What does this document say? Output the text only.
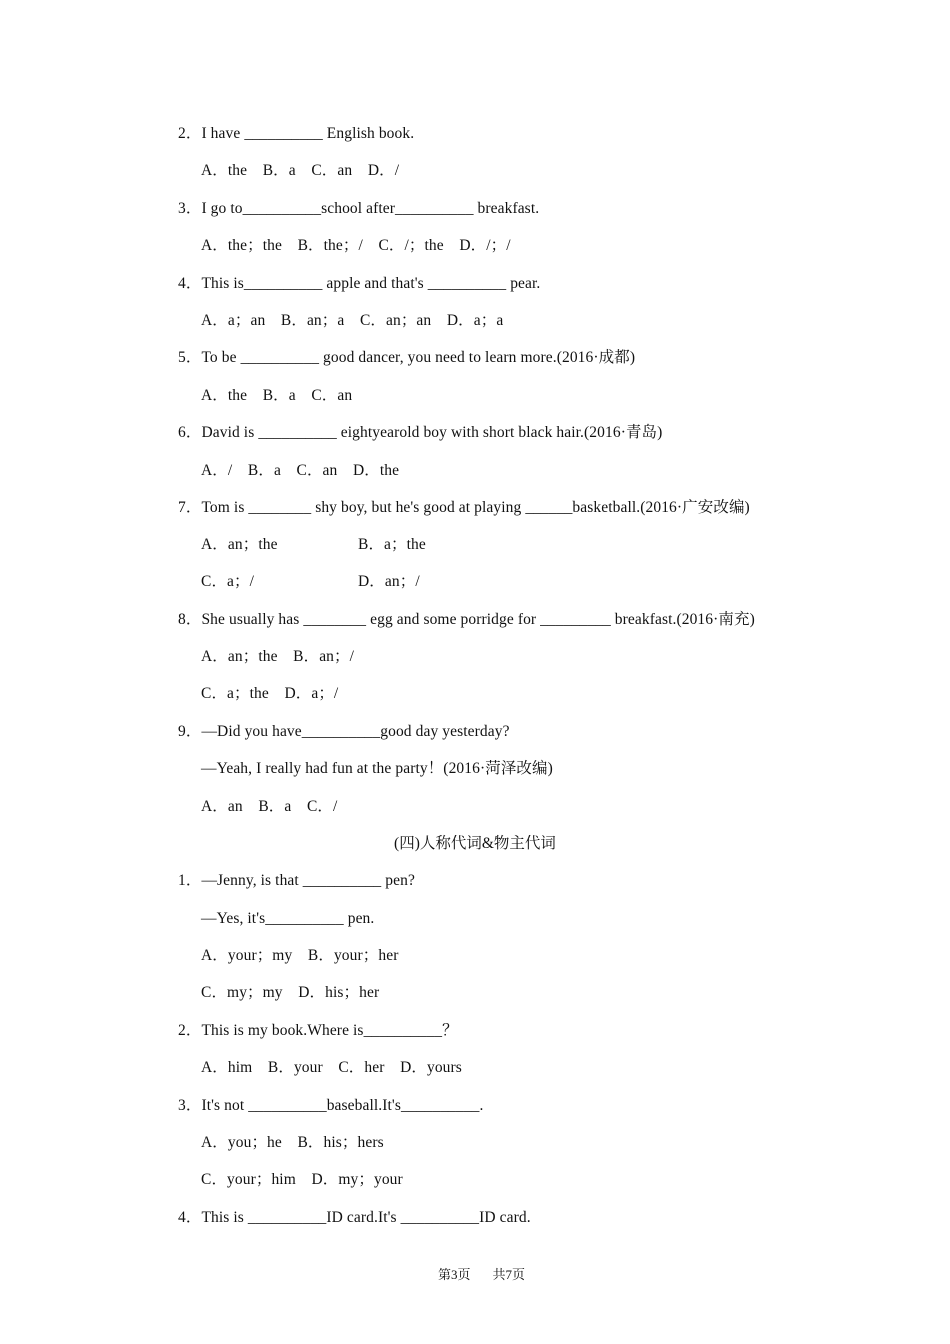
2．I have __________ English book.
A．the　B．a　C．an　D．/
3．I go to__________school after__________ breakfast.
A．the；the　B．the；/　C．/；the　D．/；/
4．This is__________ apple and that's __________ pear.
A．a；an　B．an；a　C．an；an　D．a；a
5．To be __________ good dancer, you need to learn more.(2016·成都)
A．the　B．a　C．an
6．David is __________ eightyearold boy with short black hair.(2016·青岛)
A．/　B．a　C．an　D．the
7．Tom is ________ shy boy, but he's good at playing ______basketball.(2016·广安改编)
A．an；the	B．a；the
C．a；/	D．an；/
8．She usually has ________ egg and some porridge for _________ breakfast.(2016·南充)
A．an；the　B．an；/
C．a；the　D．a；/
9．—Did you have__________good day yesterday?
—Yeah, I really had fun at the party！(2016·菏泽改编)
A．an　B．a　C．/
(四)人称代词&物主代词
1．—Jenny, is that __________ pen?
—Yes, it's__________ pen.
A．your；my　B．your；her
C．my；my　D．his；her
2．This is my book.Where is__________？
A．him　B．your　C．her　D．yours
3．It's not __________baseball.It's__________.
A．you；he　B．his；hers
C．your；him　D．my；your
4．This is __________ID card.It's __________ID card.

第3页 共7页
